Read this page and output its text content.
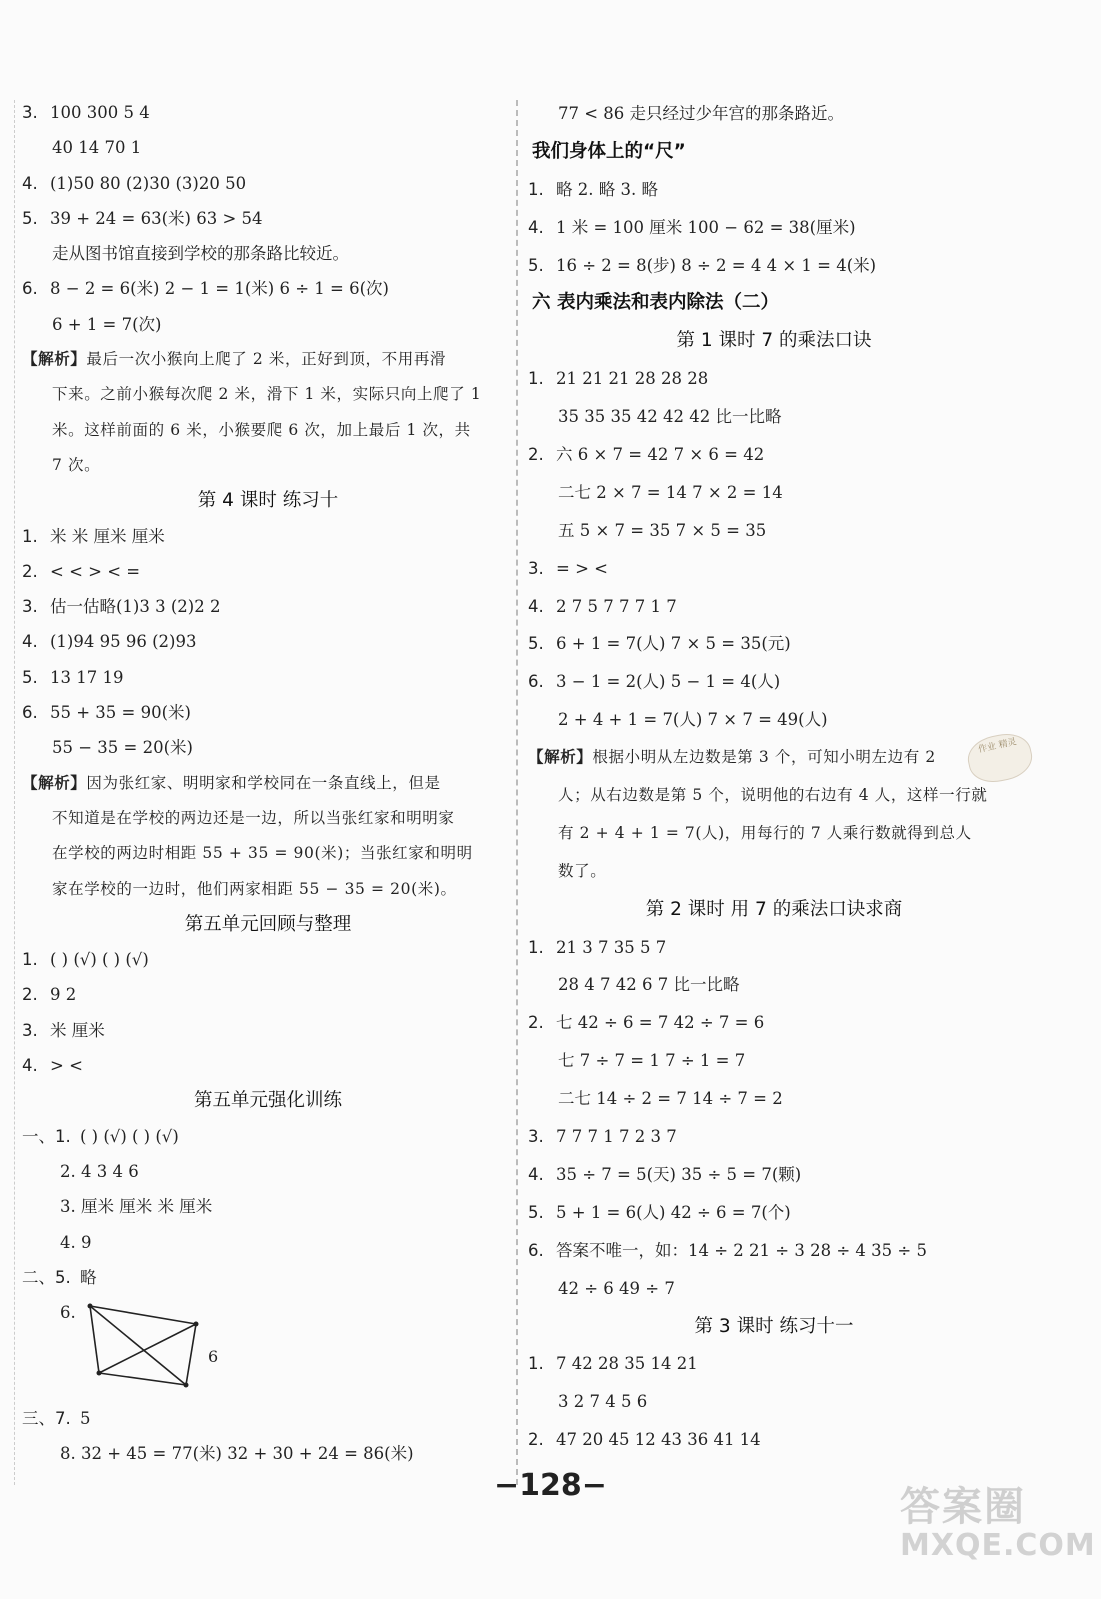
3. 100 300 5 4
40 14 70 1
4. (1)50 80 (2)30 (3)20 50
5. 39 + 24 = 63(米) 63 > 54
走从图书馆直接到学校的那条路比较近。
6. 8 − 2 = 6(米) 2 − 1 = 1(米) 6 ÷ 1 = 6(次)
6 + 1 = 7(次)
【解析】最后一次小猴向上爬了 2 米，正好到顶，不用再滑
下来。之前小猴每次爬 2 米，滑下 1 米，实际只向上爬了 1
米。这样前面的 6 米，小猴要爬 6 次，加上最后 1 次，共
7 次。
第 4 课时 练习十
1. 米 米 厘米 厘米
2. < < > < =
3. 估一估略(1)3 3 (2)2 2
4. (1)94 95 96 (2)93
5. 13 17 19
6. 55 + 35 = 90(米)
55 − 35 = 20(米)
【解析】因为张红家、明明家和学校同在一条直线上，但是
不知道是在学校的两边还是一边，所以当张红家和明明家
在学校的两边时相距 55 + 35 = 90(米)；当张红家和明明
家在学校的一边时，他们两家相距 55 − 35 = 20(米)。
第五单元回顾与整理
1. ( ) (√) ( ) (√)
2. 9 2
3. 米 厘米
4. > <
第五单元强化训练
一、1. ( ) (√) ( ) (√)
2. 4 3 4 6
3. 厘米 厘米 米 厘米
4. 9
二、5. 略
6.
三、7. 5
8. 32 + 45 = 77(米) 32 + 30 + 24 = 86(米)
77 < 86 走只经过少年宫的那条路近。
我们身体上的“尺”
1. 略 2. 略 3. 略
4. 1 米 = 100 厘米 100 − 62 = 38(厘米)
5. 16 ÷ 2 = 8(步) 8 ÷ 2 = 4 4 × 1 = 4(米)
六 表内乘法和表内除法（二）
第 1 课时 7 的乘法口诀
1. 21 21 21 28 28 28
35 35 35 42 42 42 比一比略
2. 六 6 × 7 = 42 7 × 6 = 42
二七 2 × 7 = 14 7 × 2 = 14
五 5 × 7 = 35 7 × 5 = 35
3. = > <
4. 2 7 5 7 7 7 1 7
5. 6 + 1 = 7(人) 7 × 5 = 35(元)
6. 3 − 1 = 2(人) 5 − 1 = 4(人)
2 + 4 + 1 = 7(人) 7 × 7 = 49(人)
【解析】根据小明从左边数是第 3 个，可知小明左边有 2
人；从右边数是第 5 个，说明他的右边有 4 人，这样一行就
有 2 + 4 + 1 = 7(人)，用每行的 7 人乘行数就得到总人
数了。
第 2 课时 用 7 的乘法口诀求商
1. 21 3 7 35 5 7
28 4 7 42 6 7 比一比略
2. 七 42 ÷ 6 = 7 42 ÷ 7 = 6
七 7 ÷ 7 = 1 7 ÷ 1 = 7
二七 14 ÷ 2 = 7 14 ÷ 7 = 2
3. 7 7 7 1 7 2 3 7
4. 35 ÷ 7 = 5(天) 35 ÷ 5 = 7(颗)
5. 5 + 1 = 6(人) 42 ÷ 6 = 7(个)
6. 答案不唯一，如：14 ÷ 2 21 ÷ 3 28 ÷ 4 35 ÷ 5
42 ÷ 6 49 ÷ 7
第 3 课时 练习十一
1. 7 42 28 35 14 21
3 2 7 4 5 6
2. 47 20 45 12 43 36 41 14
6
作业 精灵
−128−	答案圈
MXQE.COM
